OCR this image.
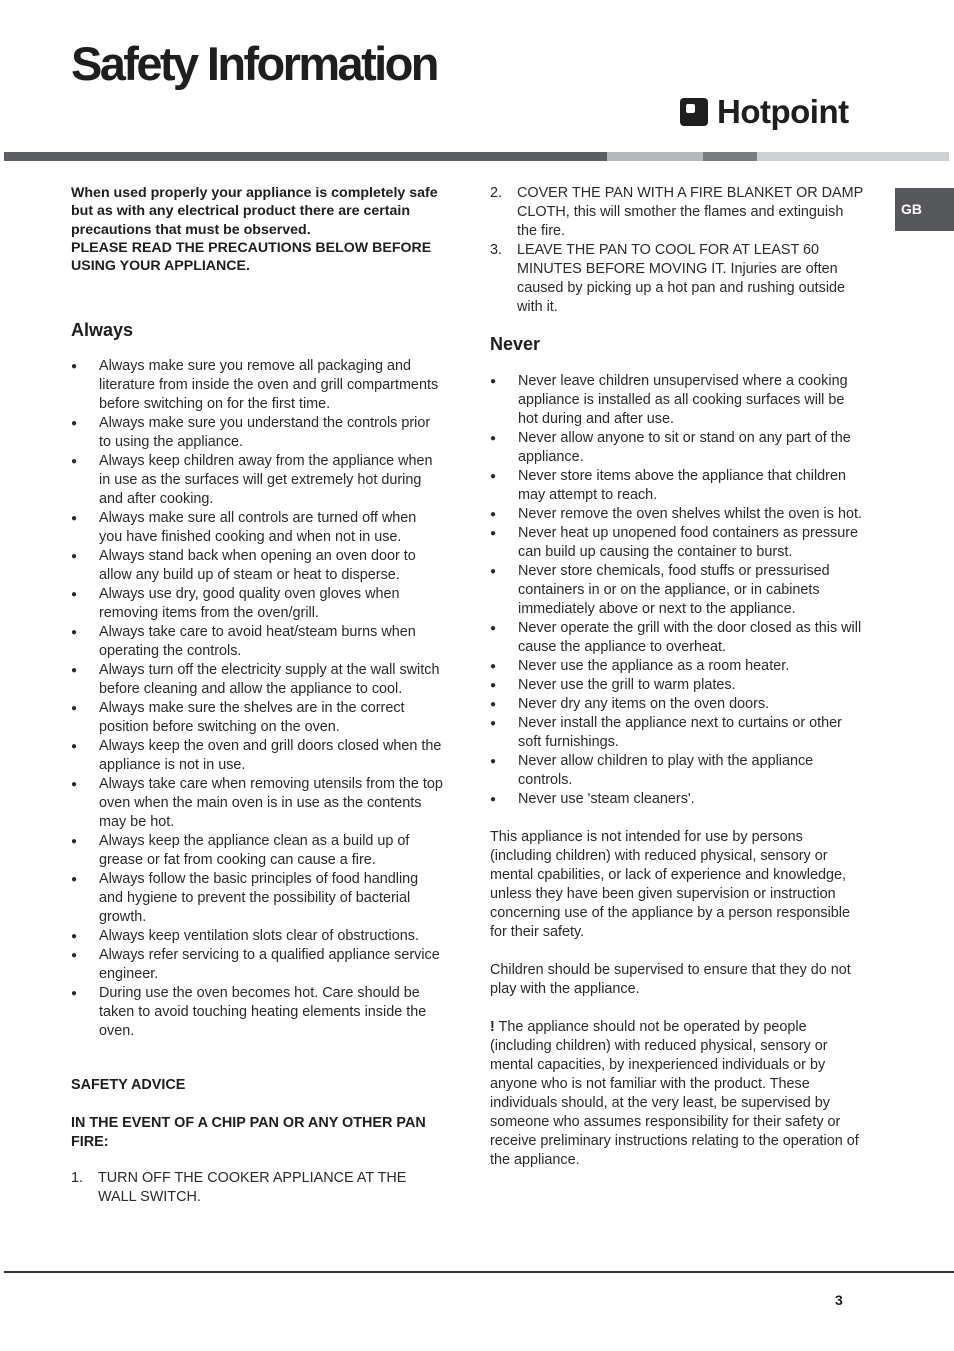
Safety Information
Hotpoint
GB

When used properly your appliance is completely safe but as with any electrical product there are certain precautions that must be observed.

PLEASE READ THE PRECAUTIONS BELOW BEFORE USING YOUR APPLIANCE.

Always
● Always make sure you remove all packaging and literature from inside the oven and grill compartments before switching on for the first time.
● Always make sure you understand the controls prior to using the appliance.
● Always keep children away from the appliance when in use as the surfaces will get extremely hot during and after cooking.
● Always make sure all controls are turned off when you have finished cooking and when not in use.
● Always stand back when opening an oven door to allow any build up of steam or heat to disperse.
● Always use dry, good quality oven gloves when removing items from the oven/grill.
● Always take care to avoid heat/steam burns when operating the controls.
● Always turn off the electricity supply at the wall switch before cleaning and allow the appliance to cool.
● Always make sure the shelves are in the correct position before switching on the oven.
● Always keep the oven and grill doors closed when the appliance is not in use.
● Always take care when removing utensils from the top oven when the main oven is in use as the contents may be hot.
● Always keep the appliance clean as a build up of grease or fat from cooking can cause a fire.
● Always follow the basic principles of food handling and hygiene to prevent the possibility of bacterial growth.
● Always keep ventilation slots clear of obstructions.
● Always refer servicing to a qualified appliance service engineer.
● During use the oven becomes hot. Care should be taken to avoid touching heating elements inside the oven.

SAFETY ADVICE

IN THE EVENT OF A CHIP PAN OR ANY OTHER PAN FIRE:

1. TURN OFF THE COOKER APPLIANCE AT THE WALL SWITCH.
2. COVER THE PAN WITH A FIRE BLANKET OR DAMP CLOTH, this will smother the flames and extinguish the fire.
3. LEAVE THE PAN TO COOL FOR AT LEAST 60 MINUTES BEFORE MOVING IT. Injuries are often caused by picking up a hot pan and rushing outside with it.
Never
● Never leave children unsupervised where a cooking appliance is installed as all cooking surfaces will be hot during and after use.
● Never allow anyone to sit or stand on any part of the appliance.
● Never store items above the appliance that children may attempt to reach.
● Never remove the oven shelves whilst the oven is hot.
● Never heat up unopened food containers as pressure can build up causing the container to burst.
● Never store chemicals, food stuffs or pressurised containers in or on the appliance, or in cabinets immediately above or next to the appliance.
● Never operate the grill with the door closed as this will cause the appliance to overheat.
● Never use the appliance as a room heater.
● Never use the grill to warm plates.
● Never dry any items on the oven doors.
● Never install the appliance next to curtains or other soft furnishings.
● Never allow children to play with the appliance controls.
● Never use 'steam cleaners'.

This appliance is not intended for use by persons (including children) with reduced physical, sensory or mental cpabilities, or lack of experience and knowledge, unless they have been given supervision or instruction concerning use of the appliance by a person responsible for their safety.

Children should be supervised to ensure that they do not play with the appliance.

! The appliance should not be operated by people (including children) with reduced physical, sensory or mental capacities, by inexperienced individuals or by anyone who is not familiar with the product. These individuals should, at the very least, be supervised by someone who assumes responsibility for their safety or receive preliminary instructions relating to the operation of the appliance.

3
